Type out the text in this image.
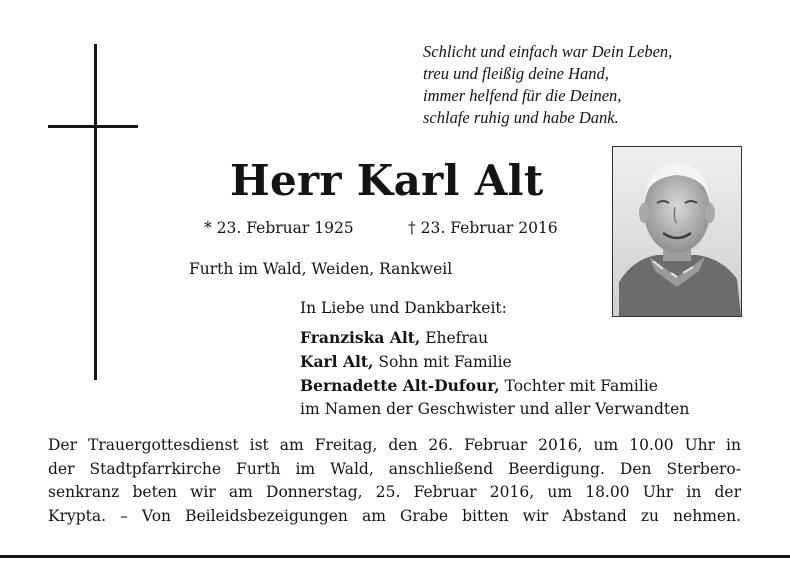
Schlicht und einfach war Dein Leben,
treu und fleißig deine Hand,
immer helfend für die Deinen,
schlafe ruhig und habe Dank.
Herr Karl Alt
* 23. Februar 1925	† 23. Februar 2016
Furth im Wald, Weiden, Rankweil
In Liebe und Dankbarkeit:
Franziska Alt, Ehefrau
Karl Alt, Sohn mit Familie
Bernadette Alt-Dufour, Tochter mit Familie
im Namen der Geschwister und aller Verwandten
Der Trauergottesdienst ist am Freitag, den 26. Februar 2016, um 10.00 Uhr in
der Stadtpfarrkirche Furth im Wald, anschließend Beerdigung. Den Sterbero-
senkranz beten wir am Donnerstag, 25. Februar 2016, um 18.00 Uhr in der
Krypta. – Von Beileidsbezeigungen am Grabe bitten wir Abstand zu nehmen.
